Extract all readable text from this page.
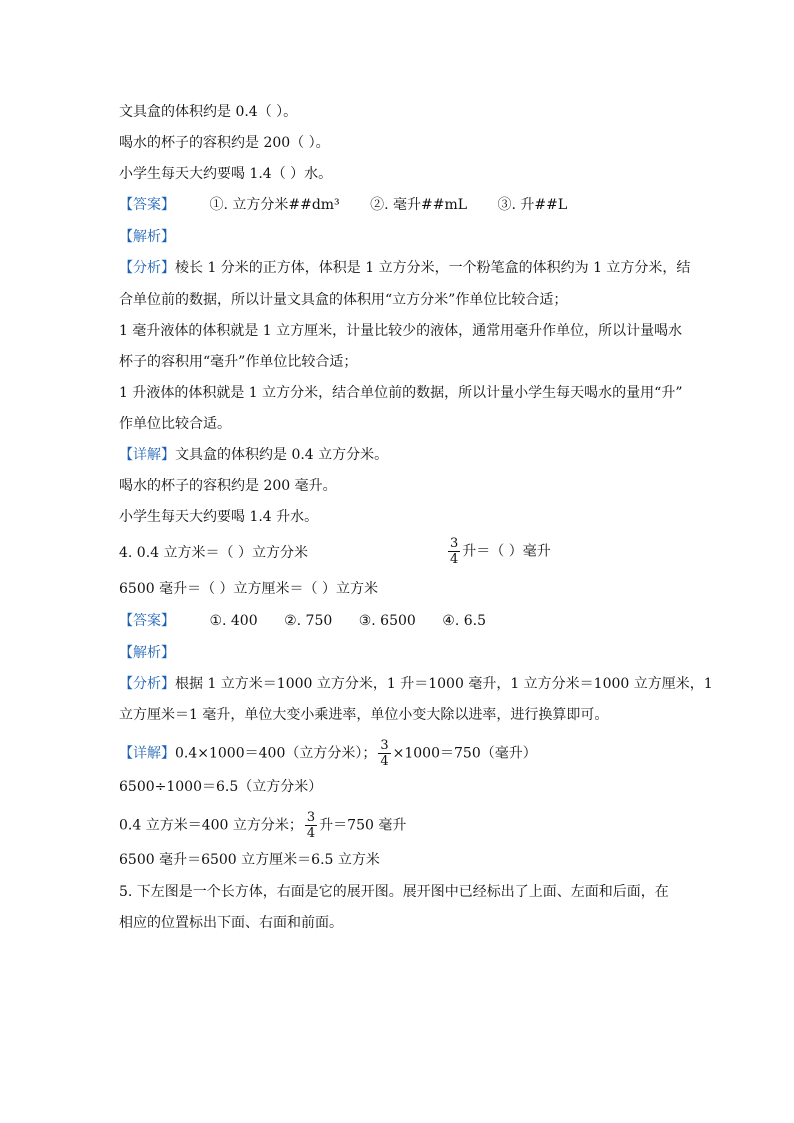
文具盒的体积约是 0.4（ ）。
喝水的杯子的容积约是 200（ ）。
小学生每天大约要喝 1.4（ ）水。
【答案】 ①. 立方分米##dm³ ②. 毫升##mL ③. 升##L
【解析】
【分析】棱长 1 分米的正方体，体积是 1 立方分米，一个粉笔盒的体积约为 1 立方分米，结
合单位前的数据，所以计量文具盒的体积用“立方分米”作单位比较合适；
1 毫升液体的体积就是 1 立方厘米，计量比较少的液体，通常用毫升作单位，所以计量喝水
杯子的容积用“毫升”作单位比较合适；
1 升液体的体积就是 1 立方分米，结合单位前的数据，所以计量小学生每天喝水的量用“升”
作单位比较合适。
【详解】文具盒的体积约是 0.4 立方分米。
喝水的杯子的容积约是 200 毫升。
小学生每天大约要喝 1.4 升水。
4. 0.4 立方米＝（ ）立方分米	$\frac{3}{4}$ 升＝（ ）毫升
6500 毫升＝（ ）立方厘米＝（ ）立方米
【答案】 ①. 400 ②. 750 ③. 6500 ④. 6.5
【解析】
【分析】根据 1 立方米＝1000 立方分米，1 升＝1000 毫升，1 立方分米＝1000 立方厘米，1
立方厘米＝1 毫升，单位大变小乘进率，单位小变大除以进率，进行换算即可。
【详解】0.4×1000＝400（立方分米）； $\frac{3}{4} \times 1000=750$（毫升）
6500÷1000＝6.5（立方分米）
0.4 立方米＝400 立方分米； $\frac{3}{4}$ 升＝750 毫升
6500 毫升＝6500 立方厘米＝6.5 立方米
5. 下左图是一个长方体，右面是它的展开图。展开图中已经标出了上面、左面和后面，在
相应的位置标出下面、右面和前面。
